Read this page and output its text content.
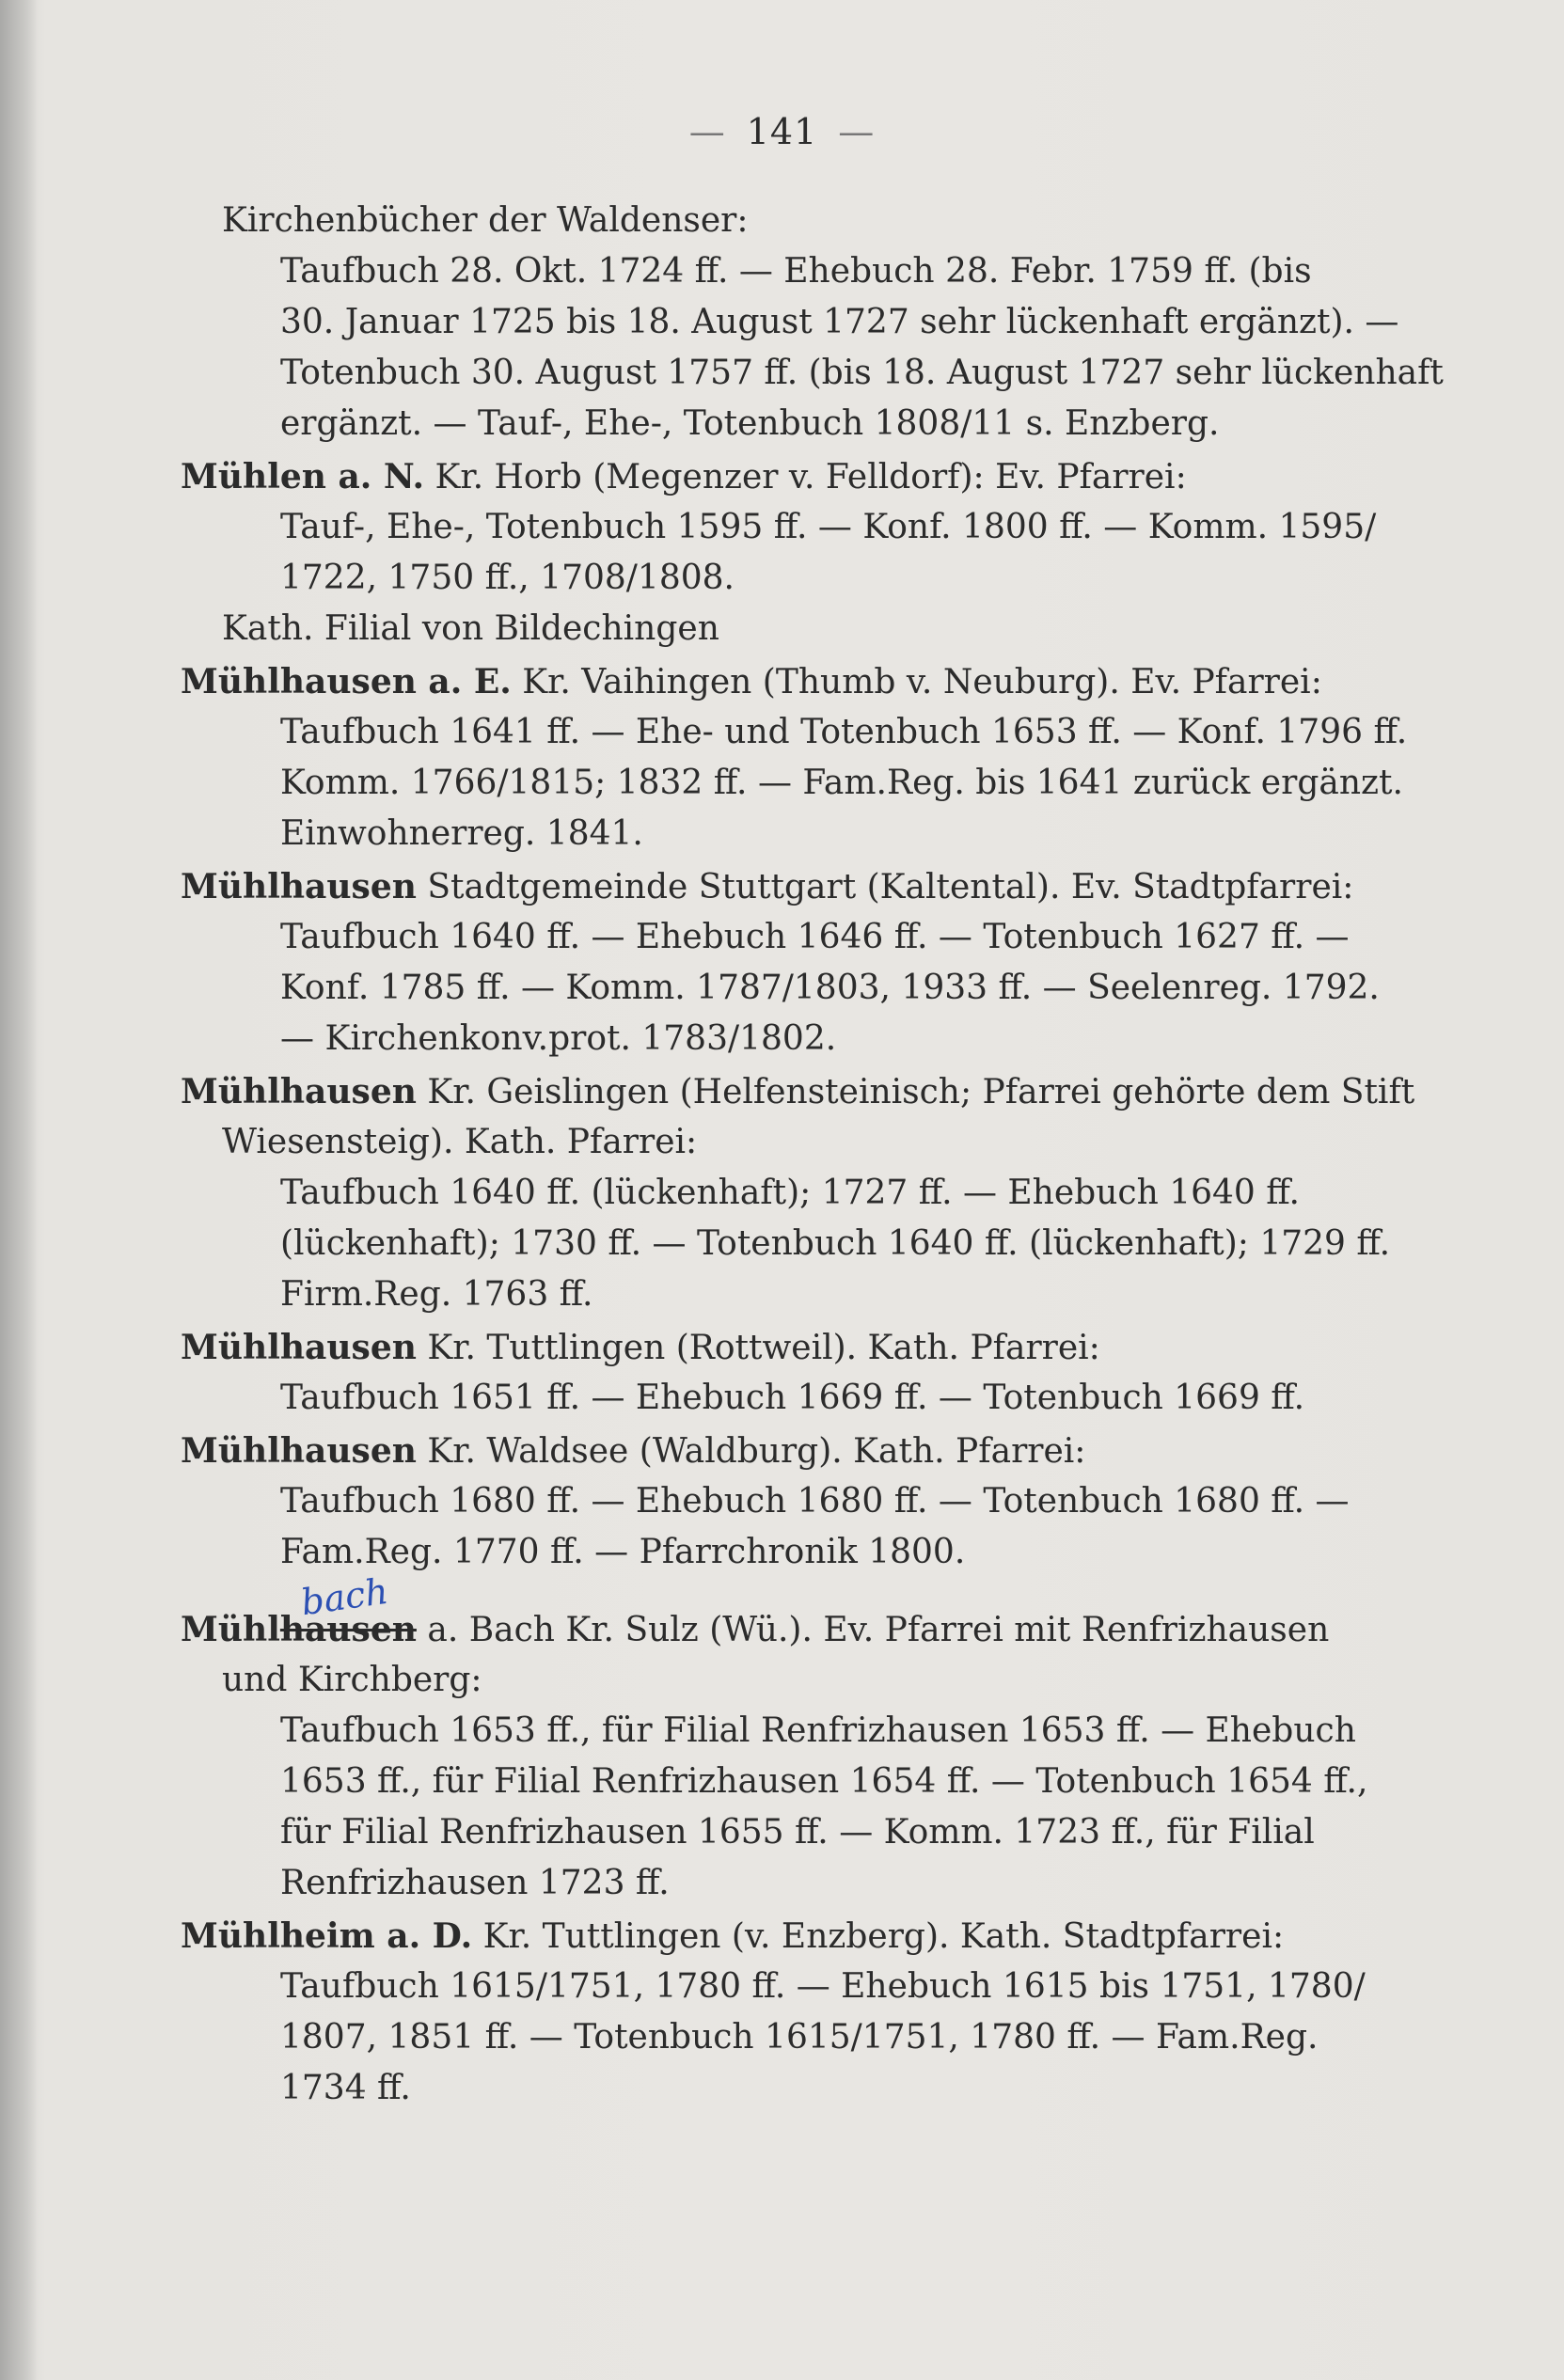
— 141 —
Kirchenbücher der Waldenser:
Taufbuch 28. Okt. 1724 ff. — Ehebuch 28. Febr. 1759 ff. (bis
30. Januar 1725 bis 18. August 1727 sehr lückenhaft ergänzt). —
Totenbuch 30. August 1757 ff. (bis 18. August 1727 sehr lückenhaft
ergänzt. — Tauf-, Ehe-, Totenbuch 1808/11 s. Enzberg.
Mühlen a. N. Kr. Horb (Megenzer v. Felldorf): Ev. Pfarrei:
Tauf-, Ehe-, Totenbuch 1595 ff. — Konf. 1800 ff. — Komm. 1595/
1722, 1750 ff., 1708/1808.
Kath. Filial von Bildechingen
Mühlhausen a. E. Kr. Vaihingen (Thumb v. Neuburg). Ev. Pfarrei:
Taufbuch 1641 ff. — Ehe- und Totenbuch 1653 ff. — Konf. 1796 ff.
Komm. 1766/1815; 1832 ff. — Fam.Reg. bis 1641 zurück ergänzt.
Einwohnerreg. 1841.
Mühlhausen Stadtgemeinde Stuttgart (Kaltental). Ev. Stadtpfarrei:
Taufbuch 1640 ff. — Ehebuch 1646 ff. — Totenbuch 1627 ff. —
Konf. 1785 ff. — Komm. 1787/1803, 1933 ff. — Seelenreg. 1792.
— Kirchenkonv.prot. 1783/1802.
Mühlhausen Kr. Geislingen (Helfensteinisch; Pfarrei gehörte dem Stift
Wiesensteig). Kath. Pfarrei:
Taufbuch 1640 ff. (lückenhaft); 1727 ff. — Ehebuch 1640 ff.
(lückenhaft); 1730 ff. — Totenbuch 1640 ff. (lückenhaft); 1729 ff.
Firm.Reg. 1763 ff.
Mühlhausen Kr. Tuttlingen (Rottweil). Kath. Pfarrei:
Taufbuch 1651 ff. — Ehebuch 1669 ff. — Totenbuch 1669 ff.
Mühlhausen Kr. Waldsee (Waldburg). Kath. Pfarrei:
Taufbuch 1680 ff. — Ehebuch 1680 ff. — Totenbuch 1680 ff. —
Fam.Reg. 1770 ff. — Pfarrchronik 1800.
Mühlhausen a. Bach Kr. Sulz (Wü.). Ev. Pfarrei mit Renfrizhausen
und Kirchberg:
Taufbuch 1653 ff., für Filial Renfrizhausen 1653 ff. — Ehebuch
1653 ff., für Filial Renfrizhausen 1654 ff. — Totenbuch 1654 ff.,
für Filial Renfrizhausen 1655 ff. — Komm. 1723 ff., für Filial
Renfrizhausen 1723 ff.
Mühlheim a. D. Kr. Tuttlingen (v. Enzberg). Kath. Stadtpfarrei:
Taufbuch 1615/1751, 1780 ff. — Ehebuch 1615 bis 1751, 1780/
1807, 1851 ff. — Totenbuch 1615/1751, 1780 ff. — Fam.Reg.
1734 ff.
bach
